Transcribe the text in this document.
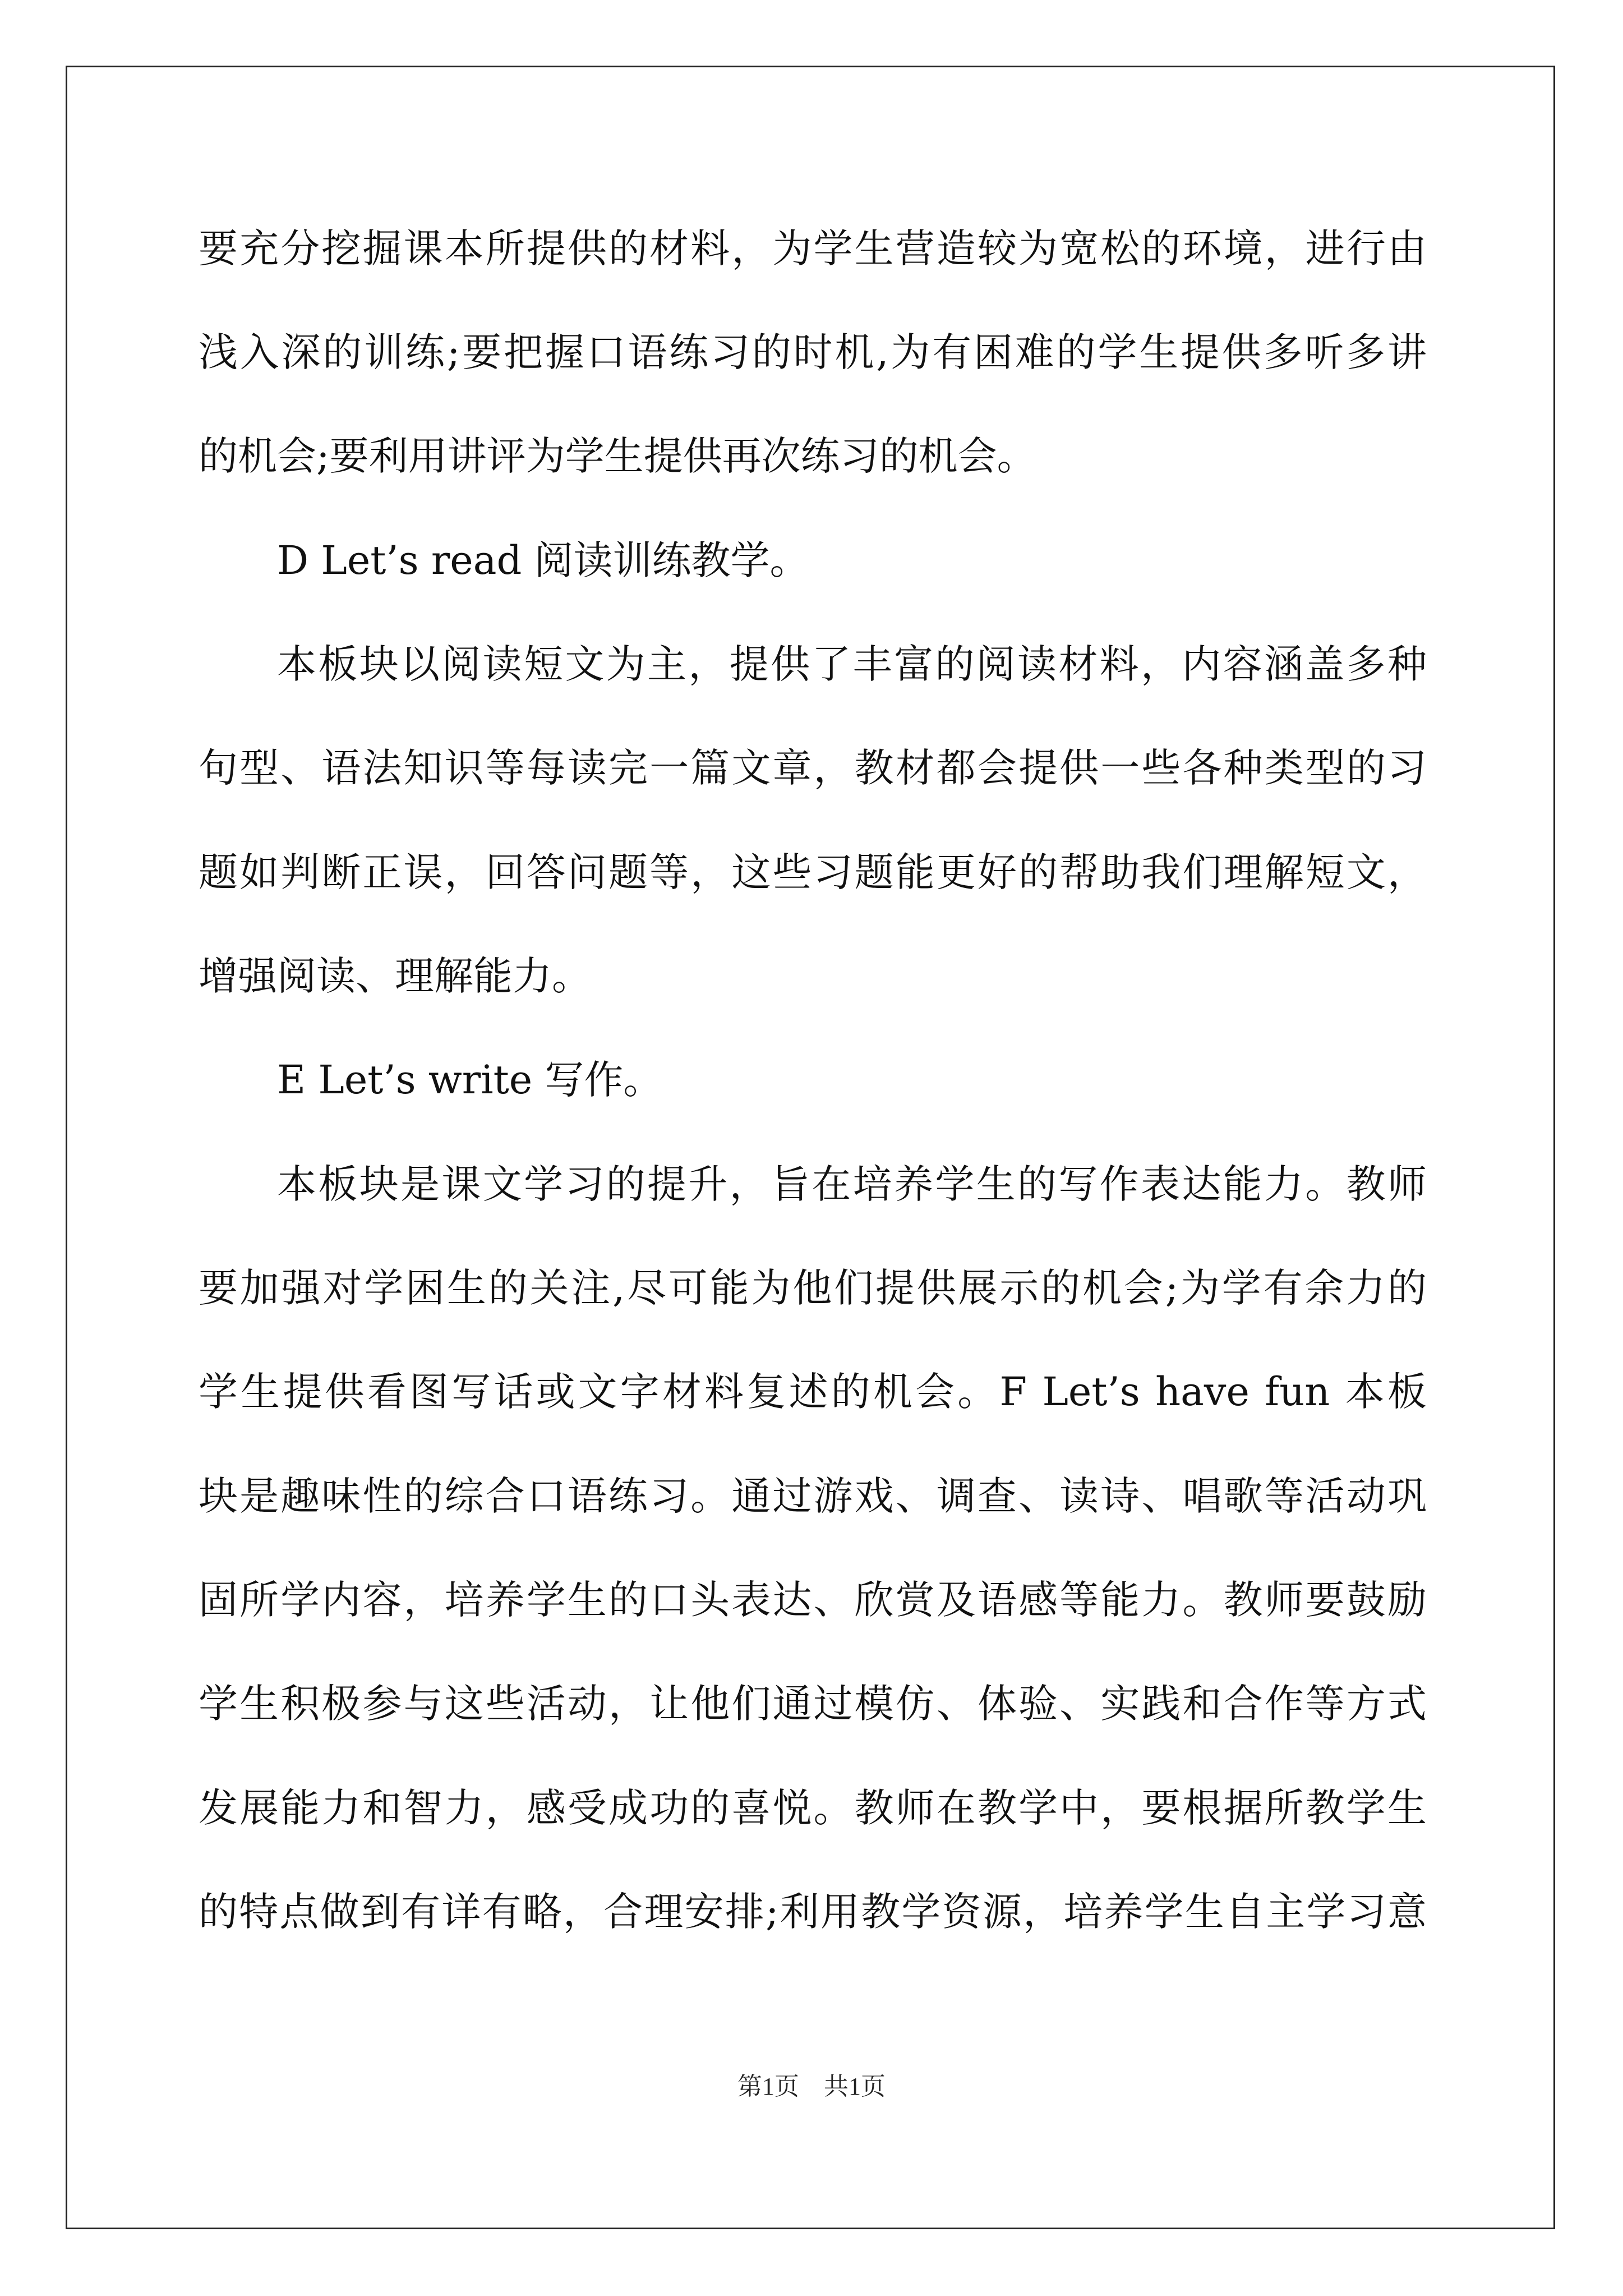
要充分挖掘课本所提供的材料，为学生营造较为宽松的环境，进行由
浅入深的训练;要把握口语练习的时机,为有困难的学生提供多听多讲
的机会;要利用讲评为学生提供再次练习的机会。
D Let’s read 阅读训练教学。
本板块以阅读短文为主，提供了丰富的阅读材料，内容涵盖多种
句型、语法知识等每读完一篇文章，教材都会提供一些各种类型的习
题如判断正误，回答问题等，这些习题能更好的帮助我们理解短文，
增强阅读、理解能力。
E Let’s write 写作。
本板块是课文学习的提升，旨在培养学生的写作表达能力。教师
要加强对学困生的关注,尽可能为他们提供展示的机会;为学有余力的
学生提供看图写话或文字材料复述的机会。F Let’s have fun 本板
块是趣味性的综合口语练习。通过游戏、调查、读诗、唱歌等活动巩
固所学内容，培养学生的口头表达、欣赏及语感等能力。教师要鼓励
学生积极参与这些活动，让他们通过模仿、体验、实践和合作等方式
发展能力和智力，感受成功的喜悦。教师在教学中，要根据所教学生
的特点做到有详有略，合理安排;利用教学资源，培养学生自主学习意
第1页    共1页
